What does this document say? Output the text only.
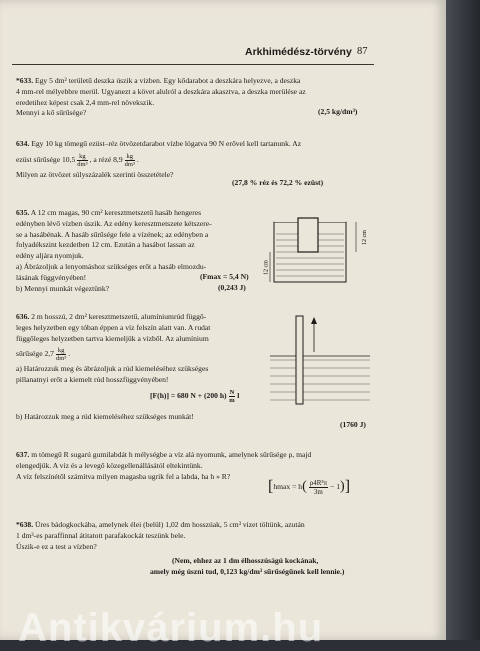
Arkhimédész-törvény 87
*633. Egy 5 dm² területű deszka úszik a vízben. Egy kődarabot a deszkára helyezve, a deszka
4 mm-rel mélyebbre merül. Ugyanezt a követ alulról a deszkára akasztva, a deszka merülése az
eredetihez képest csak 2,4 mm-rel növekszik.
Mennyi a kő sűrűsége?	(2,5 kg/dm³)
634. Egy 10 kg tömegű ezüst–réz ötvözetdarabot vízbe lógatva 90 N erővel kell tartanunk. Az
ezüst sűrűsége $10,5 \frac{kg}{\text{dm³}}$ , a rézé $8,9 \frac{kg}{\text{dm³}}$ .
Milyen az ötvözet súlyszázalék szerinti összetétele?
(27,8 % réz és 72,2 % ezüst)
635. A 12 cm magas, 90 cm² keresztmetszetű hasáb hengeres
edényben lévő vízben úszik. Az edény keresztmetszete kétszere-
se a hasábénak. A hasáb sűrűsége fele a vízének; az edényben a
folyadékszint kezdetben 12 cm. Ezután a hasábot lassan az
edény aljára nyomjuk.
a) Ábrázoljuk a lenyomáshoz szükséges erőt a hasáb elmozdu-
lásának függvényében!
b) Mennyi munkát végeztünk?
(Fmax = 5,4 N)
(0,243 J)
12 cm
12 cm
636. 2 m hosszú, 2 dm² keresztmetszetű, alumíniumrúd függő-
leges helyzetben egy tóban éppen a víz felszín alatt van. A rudat
függőleges helyzetben tartva kiemeljük a vízből. Az alumínium
sűrűsége $2,7 \frac{kg}{\text{dm³}}$ .
a) Határozzuk meg és ábrázoljuk a rúd kiemeléséhez szükséges
pillanatnyi erőt a kiemelt rúd hosszfüggvényében!
[F(h)] = 680 N + (200 $h) \frac{N}{m}$ l
b) Határozzuk meg a rúd kiemeléséhez szükséges munkát!
(1760 J)
637. m tömegű R sugarú gumilabdát h mélységbe a víz alá nyomunk, amelynek sűrűsége ρ, majd
elengedjük. A víz és a levegő közegellenállásától eltekintünk.
A víz felszínétől számítva milyen magasba ugrik fel a labda, ha h » R?
$[hmax = h( \frac{\text{ρ4R³π}}{3m} - 1)]$
*638. Üres bádogkockába, amelynek élei (belül) 1,02 dm hosszúak, 5 cm³ vizet töltünk, azután
1 dm³-es paraffinnal átitatott parafakockát teszünk bele.
Úszik-e ez a test a vízben?
(Nem, ehhez az 1 dm élhosszúságú kockának,
amely még úszni tud, 0,123 kg/dm³ sűrűségűnek kell lennie.)
Antikvárium.hu
